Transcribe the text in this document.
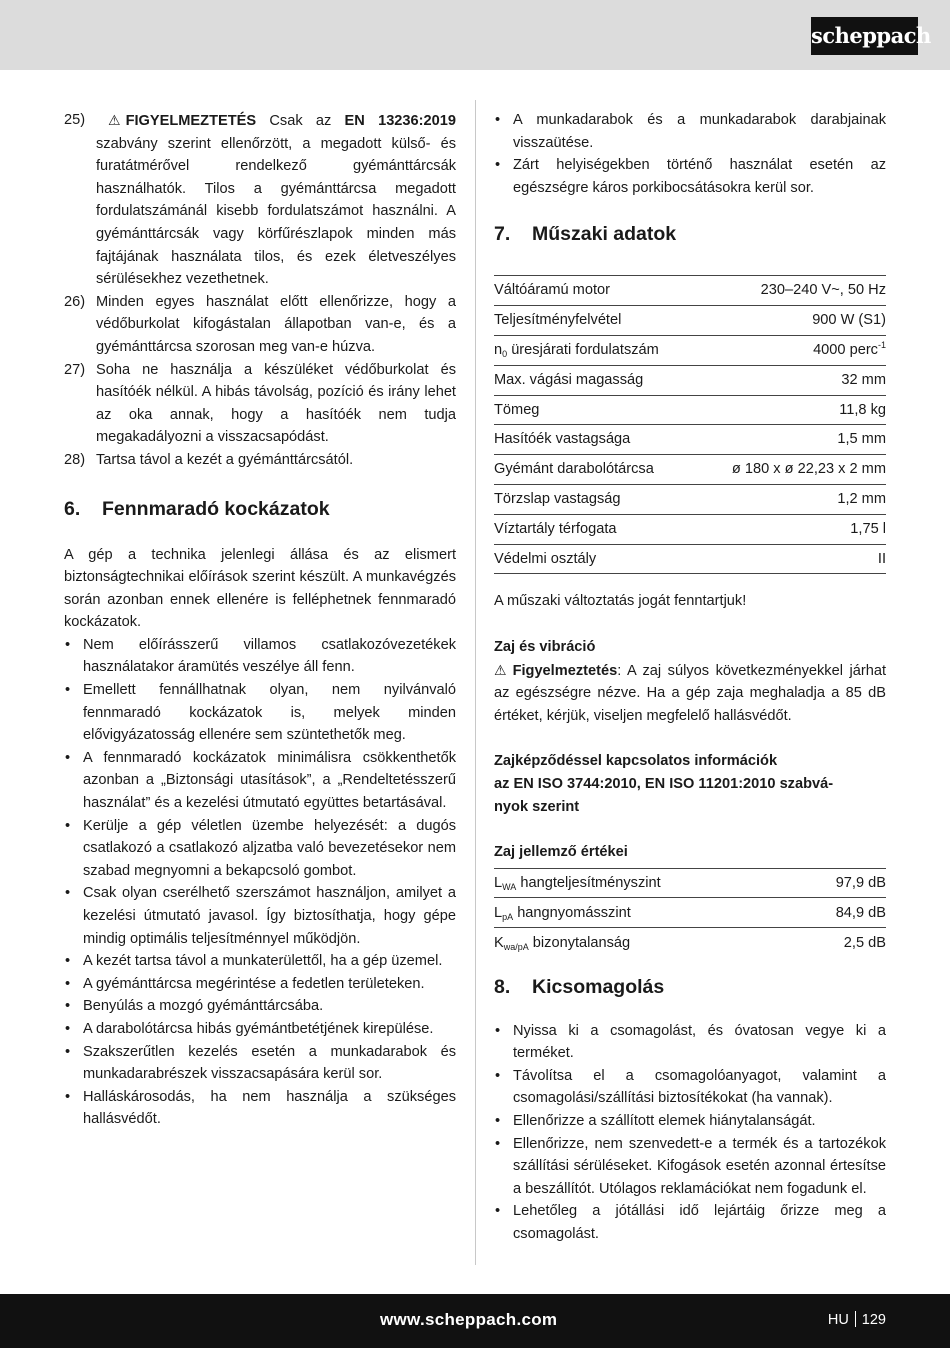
scheppach
25)	⚠ FIGYELMEZTETÉS Csak az EN 13236:2019 szabvány szerint ellenőrzött, a megadott külső- és furatátmérővel rendelkező gyémánttárcsák használhatók. Tilos a gyémánttárcsa megadott fordulatszámánál kisebb fordulatszámot használni. A gyémánttárcsák vagy körfűrészlapok minden más fajtájának használata tilos, és ezek életveszélyes sérülésekhez vezethetnek.
26) Minden egyes használat előtt ellenőrizze, hogy a védőburkolat kifogástalan állapotban van-e, és a gyémánttárcsa szorosan meg van-e húzva.
27) Soha ne használja a készüléket védőburkolat és hasítóék nélkül. A hibás távolság, pozíció és irány lehet az oka annak, hogy a hasítóék nem tudja megakadályozni a visszacsapódást.
28) Tartsa távol a kezét a gyémánttárcsától.
6.	Fennmaradó kockázatok

A gép a technika jelenlegi állása és az elismert biztonságtechnikai előírások szerint készült. A munkavégzés során azonban ennek ellenére is felléphetnek fennmaradó kockázatok.

• Nem előírásszerű villamos csatlakozóvezetékek használatakor áramütés veszélye áll fenn.
• Emellett fennállhatnak olyan, nem nyilvánvaló fennmaradó kockázatok is, melyek minden elővigyázatosság ellenére sem szüntethetők meg.
• A fennmaradó kockázatok minimálisra csökkenthetők azonban a „Biztonsági utasítások”, a „Rendeltetésszerű használat” és a kezelési útmutató együttes betartásával.
• Kerülje a gép véletlen üzembe helyezését: a dugós csatlakozó a csatlakozó aljzatba való bevezetésekor nem szabad megnyomni a bekapcsoló gombot.
• Csak olyan cserélhető szerszámot használjon, amilyet a kezelési útmutató javasol. Így biztosíthatja, hogy gépe mindig optimális teljesítménnyel működjön.
• A kezét tartsa távol a munkaterülettől, ha a gép üzemel.
• A gyémánttárcsa megérintése a fedetlen területeken.
• Benyúlás a mozgó gyémánttárcsába.
• A darabolótárcsa hibás gyémántbetétjének kirepülése.
• Szakszerűtlen kezelés esetén a munkadarabok és munkadarabrészek visszacsapására kerül sor.
• Halláskárosodás, ha nem használja a szükséges hallásvédőt.
• A munkadarabok és a munkadarabok darabjainak visszaütése.
• Zárt helyiségekben történő használat esetén az egészségre káros porkibocsátásokra kerül sor.
7.	Műszaki adatok
Váltóáramú motor	230–240 V~, 50 Hz
Teljesítményfelvétel	900 W (S1)
$n_0$ üresjárati fordulatszám	4000 perc$^{-1}$
Max. vágási magasság	32 mm
Tömeg	11,8 kg
Hasítóék vastagsága	1,5 mm
Gyémánt darabolótárcsa	ø 180 x ø 22,23 x 2 mm
Törzslap vastagság	1,2 mm
Víztartály térfogata	1,75 l
Védelmi osztály	II

A műszaki változtatás jogát fenntartjuk!

Zaj és vibráció

⚠ Figyelmeztetés: A zaj súlyos következményekkel járhat az egészségre nézve. Ha a gép zaja meghaladja a 85 dB értéket, kérjük, viseljen megfelelő hallásvédőt.

Zajképződéssel kapcsolatos információk
az EN ISO 3744:2010, EN ISO 11201:2010 szabvá-
nyok szerint
Zaj jellemző értékei
$L_{WA}$ hangteljesítményszint	97,9 dB
$L_{pA}$ hangnyomásszint	84,9 dB
$K_{wa/pA}$ bizonytalanság	2,5 dB
8.	Kicsomagolás
• Nyissa ki a csomagolást, és óvatosan vegye ki a terméket.
• Távolítsa el a csomagolóanyagot, valamint a csomagolási/szállítási biztosítékokat (ha vannak).
• Ellenőrizze a szállított elemek hiánytalanságát.
• Ellenőrizze, nem szenvedett-e a termék és a tartozékok szállítási sérüléseket. Kifogások esetén azonnal értesítse a beszállítót. Utólagos reklamációkat nem fogadunk el.
• Lehetőleg a jótállási idő lejártáig őrizze meg a csomagolást.
www.scheppach.com	HU 129
